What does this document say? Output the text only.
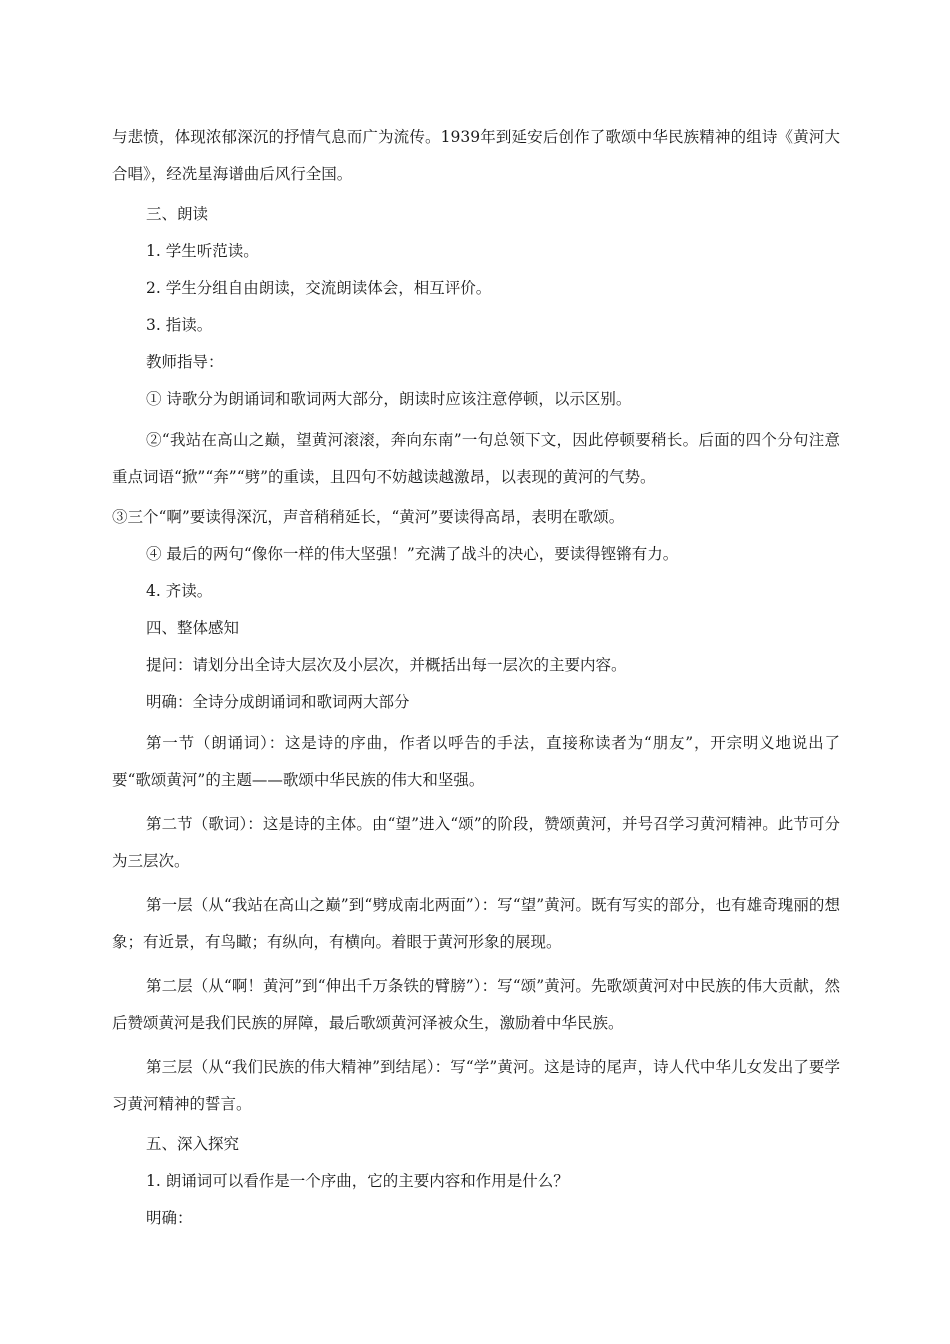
与悲愤，体现浓郁深沉的抒情气息而广为流传。1939年到延安后创作了歌颂中华民族精神的组诗《黄河大合唱》，经冼星海谱曲后风行全国。

三、朗读

1. 学生听范读。

2. 学生分组自由朗读，交流朗读体会，相互评价。

3. 指读。

教师指导：

① 诗歌分为朗诵词和歌词两大部分，朗读时应该注意停顿，以示区别。

②“我站在高山之巅，望黄河滚滚，奔向东南”一句总领下文，因此停顿要稍长。后面的四个分句注意重点词语“掀”“奔”“劈”的重读，且四句不妨越读越激昂，以表现的黄河的气势。

③三个“啊”要读得深沉，声音稍稍延长，“黄河”要读得高昂，表明在歌颂。

④ 最后的两句“像你一样的伟大坚强！”充满了战斗的决心，要读得铿锵有力。

4. 齐读。

四、整体感知

提问：请划分出全诗大层次及小层次，并概括出每一层次的主要内容。

明确：全诗分成朗诵词和歌词两大部分

第一节（朗诵词）：这是诗的序曲，作者以呼告的手法，直接称读者为“朋友”，开宗明义地说出了要“歌颂黄河”的主题——歌颂中华民族的伟大和坚强。

第二节（歌词）：这是诗的主体。由“望”进入“颂”的阶段，赞颂黄河，并号召学习黄河精神。此节可分为三层次。

第一层（从“我站在高山之巅”到“劈成南北两面”）：写“望”黄河。既有写实的部分，也有雄奇瑰丽的想象；有近景，有鸟瞰；有纵向，有横向。着眼于黄河形象的展现。

第二层（从“啊！黄河”到“伸出千万条铁的臂膀”）：写“颂”黄河。先歌颂黄河对中民族的伟大贡献，然后赞颂黄河是我们民族的屏障，最后歌颂黄河泽被众生，激励着中华民族。

第三层（从“我们民族的伟大精神”到结尾）：写“学”黄河。这是诗的尾声，诗人代中华儿女发出了要学习黄河精神的誓言。

五、深入探究

1. 朗诵词可以看作是一个序曲，它的主要内容和作用是什么？

明确：
